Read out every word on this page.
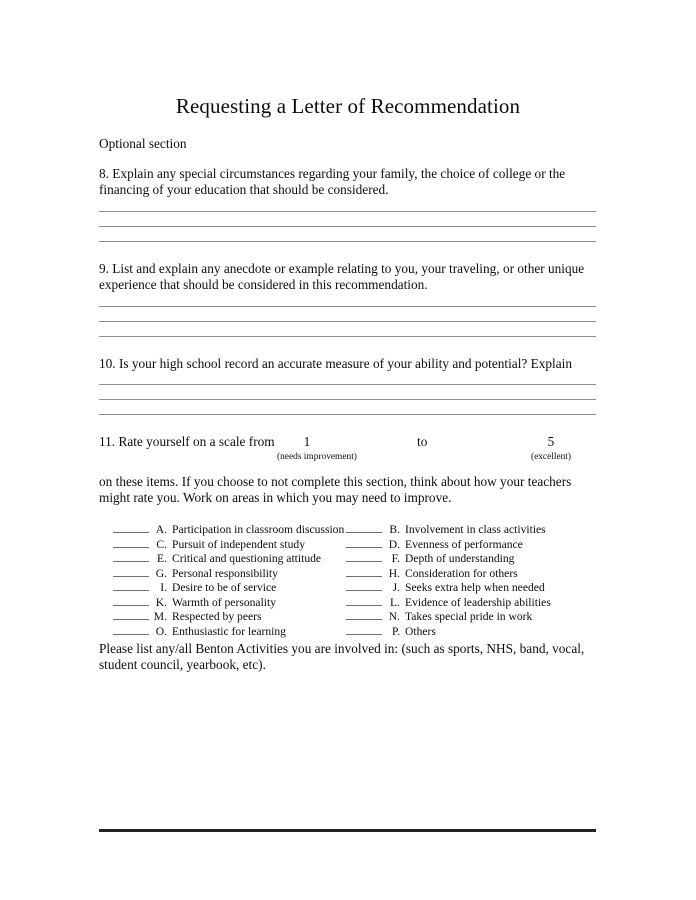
Requesting a Letter of Recommendation

Optional section

8. Explain any special circumstances regarding your family, the choice of college or the financing of your education that should be considered.

9. List and explain any anecdote or example relating to you, your traveling, or other unique experience that should be considered in this recommendation.

10. Is your high school record an accurate measure of your ability and potential? Explain

11. Rate yourself on a scale from	1
(needs improvement)
to	5
(excellent)

on these items. If you choose to not complete this section, think about how your teachers might rate you. Work on areas in which you may need to improve.

A. Participation in classroom discussion	B. Involvement in class activities
C. Pursuit of independent study	D. Evenness of performance
E. Critical and questioning attitude	F. Depth of understanding
G. Personal responsibility	H. Consideration for others
I. Desire to be of service	J. Seeks extra help when needed
K. Warmth of personality	L. Evidence of leadership abilities
M. Respected by peers	N. Takes special pride in work
O. Enthusiastic for learning	P. Others

Please list any/all Benton Activities you are involved in: (such as sports, NHS, band, vocal, student council, yearbook, etc).
